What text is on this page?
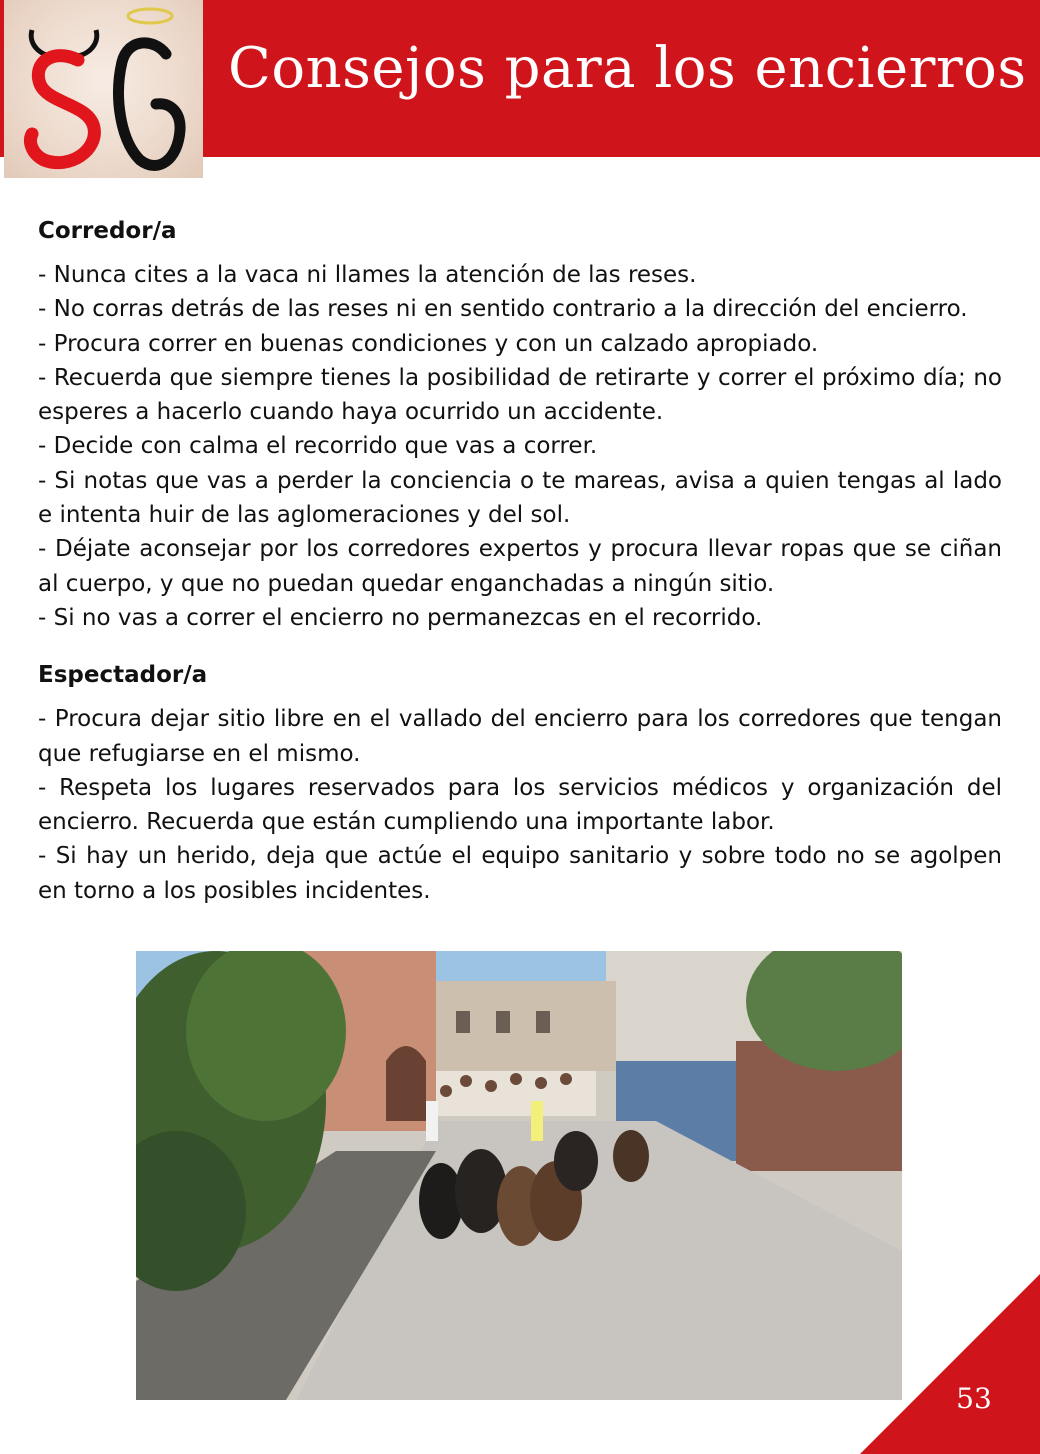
Consejos para los encierros
Corredor/a

- Nunca cites a la vaca ni llames la atención de las reses.

- No corras detrás de las reses ni en sentido contrario a la dirección del encierro.

- Procura correr en buenas condiciones y con un calzado apropiado.

- Recuerda que siempre tienes la posibilidad de retirarte y correr el próximo día; no esperes a hacerlo cuando haya ocurrido un accidente.

- Decide con calma el recorrido que vas a correr.

- Si notas que vas a perder la conciencia o te mareas, avisa a quien tengas al lado e intenta huir de las aglomeraciones y del sol.

- Déjate aconsejar por los corredores expertos y procura llevar ropas que se ciñan al cuerpo, y que no puedan quedar enganchadas a ningún sitio.

- Si no vas a correr el encierro no permanezcas en el recorrido.

Espectador/a

- Procura dejar sitio libre en el vallado del encierro para los corredores que tengan que refugiarse en el mismo.

- Respeta los lugares reservados para los servicios médicos y organización del encierro. Recuerda que están cumpliendo una importante labor.

- Si hay un herido, deja que actúe el equipo sanitario y sobre todo no se agolpen en torno a los posibles incidentes.

53
